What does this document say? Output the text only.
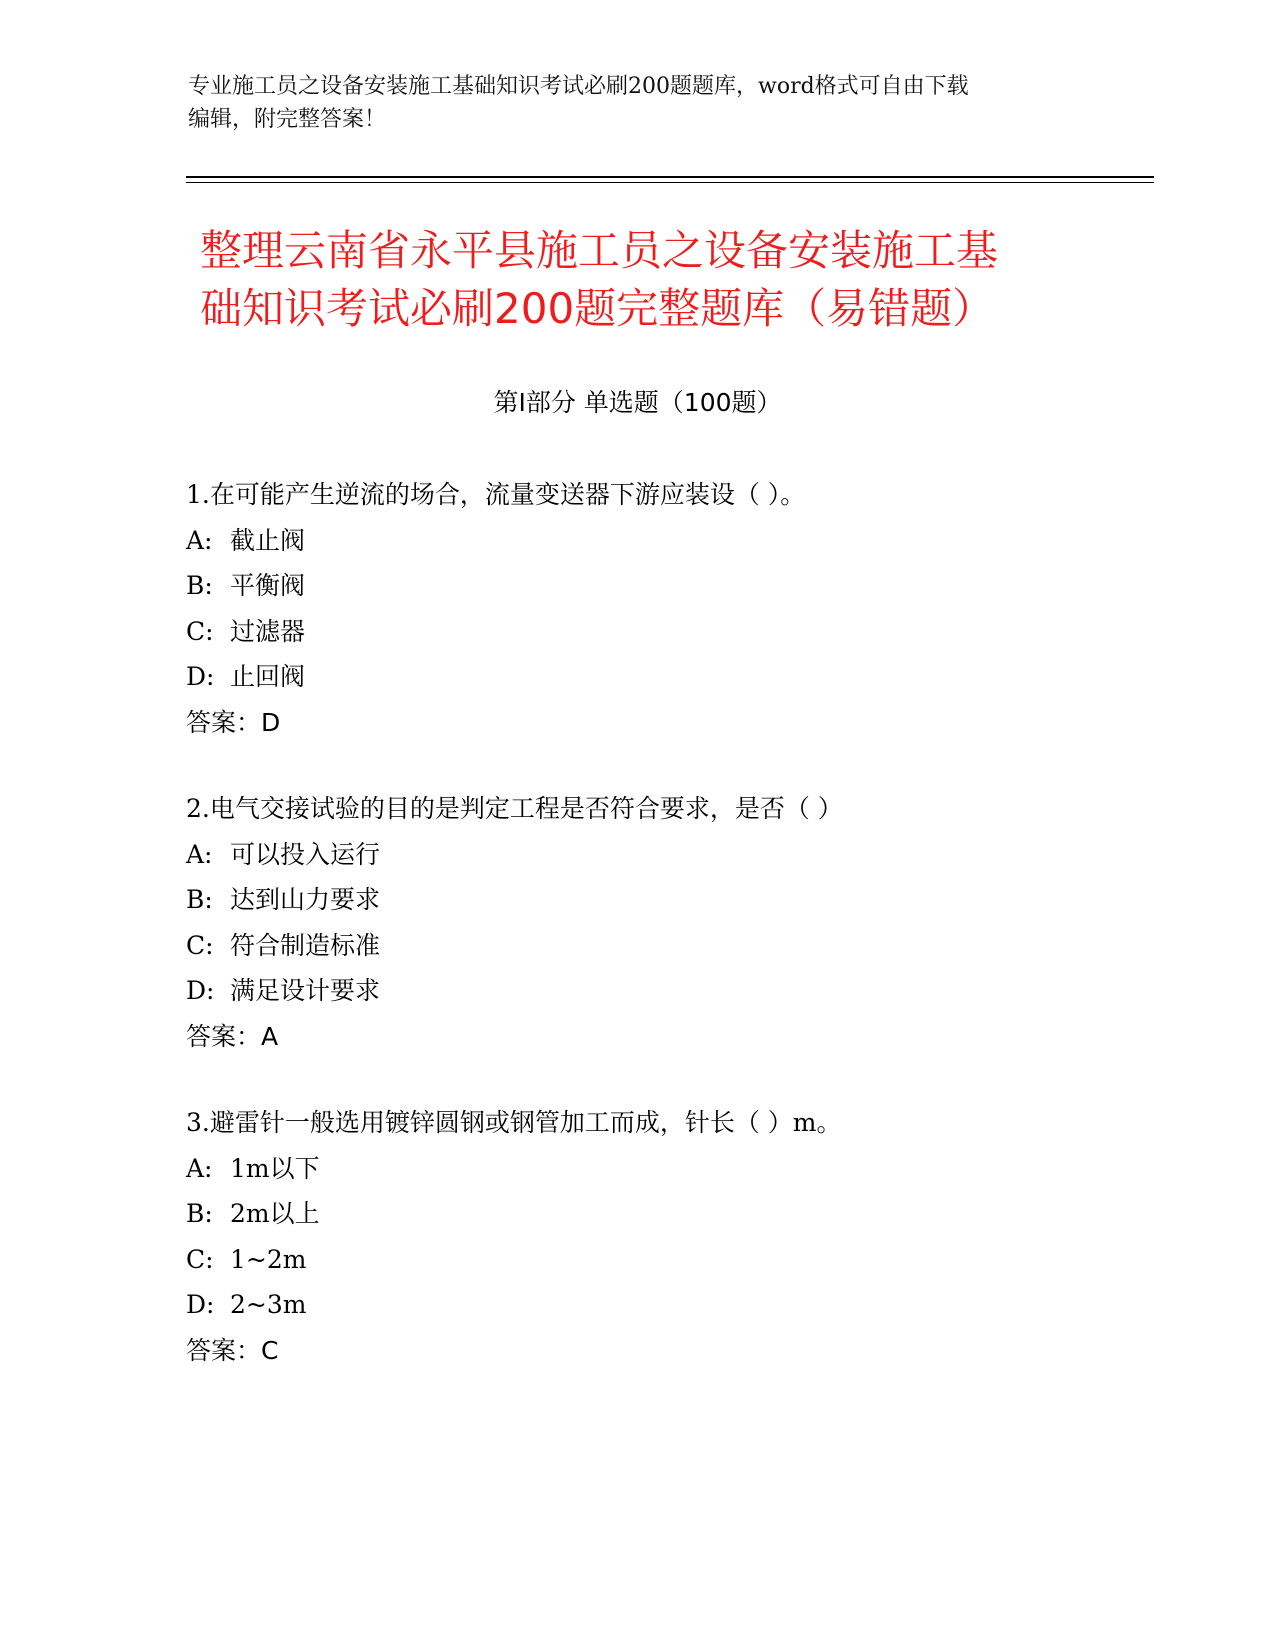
专业施工员之设备安装施工基础知识考试必刷200题题库，word格式可自由下载
编辑，附完整答案！
整理云南省永平县施工员之设备安装施工基
础知识考试必刷200题完整题库（易错题）
第Ⅰ部分 单选题（100题）
1.在可能产生逆流的场合，流量变送器下游应装设（ ）。
A: 截止阀
B: 平衡阀
C: 过滤器
D: 止回阀
答案：D
2.电气交接试验的目的是判定工程是否符合要求，是否（ ）
A: 可以投入运行
B: 达到山力要求
C: 符合制造标准
D: 满足设计要求
答案：A
3.避雷针一般选用镀锌圆钢或钢管加工而成，针长（ ）m。
A: 1m以下
B: 2m以上
C: 1~2m
D: 2~3m
答案：C
